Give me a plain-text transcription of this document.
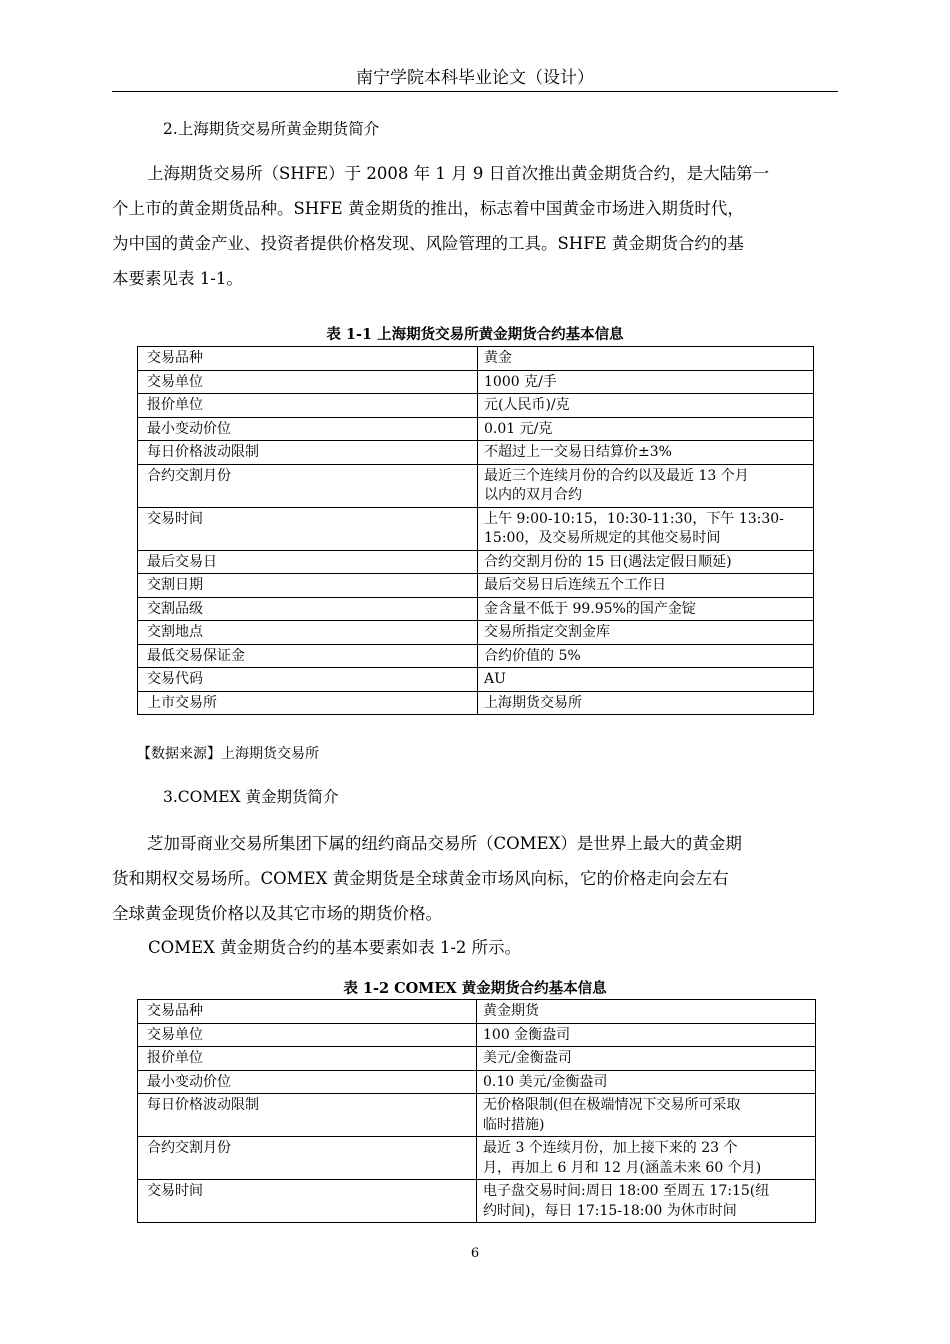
南宁学院本科毕业论文（设计）
2.上海期货交易所黄金期货简介
上海期货交易所（SHFE）于 2008 年 1 月 9 日首次推出黄金期货合约，是大陆第一
个上市的黄金期货品种。SHFE 黄金期货的推出，标志着中国黄金市场进入期货时代，
为中国的黄金产业、投资者提供价格发现、风险管理的工具。SHFE 黄金期货合约的基
本要素见表 1-1。
表 1-1 上海期货交易所黄金期货合约基本信息
交易品种	黄金
交易单位	1000 克/手
报价单位	元(人民币)/克
最小变动价位	0.01 元/克
每日价格波动限制	不超过上一交易日结算价±3%
合约交割月份	最近三个连续月份的合约以及最近 13 个月
以内的双月合约
交易时间	上午 9:00-10:15，10:30-11:30，下午 13:30-
15:00，及交易所规定的其他交易时间
最后交易日	合约交割月份的 15 日(遇法定假日顺延)
交割日期	最后交易日后连续五个工作日
交割品级	金含量不低于 99.95%的国产金锭
交割地点	交易所指定交割金库
最低交易保证金	合约价值的 5%
交易代码	AU
上市交易所	上海期货交易所
【数据来源】上海期货交易所
3.COMEX 黄金期货简介
芝加哥商业交易所集团下属的纽约商品交易所（COMEX）是世界上最大的黄金期
货和期权交易场所。COMEX 黄金期货是全球黄金市场风向标，它的价格走向会左右
全球黄金现货价格以及其它市场的期货价格。
COMEX 黄金期货合约的基本要素如表 1-2 所示。
表 1-2 COMEX 黄金期货合约基本信息
交易品种	黄金期货
交易单位	100 金衡盎司
报价单位	美元/金衡盎司
最小变动价位	0.10 美元/金衡盎司
每日价格波动限制	无价格限制(但在极端情况下交易所可采取
临时措施)
合约交割月份	最近 3 个连续月份，加上接下来的 23 个
月，再加上 6 月和 12 月(涵盖未来 60 个月)
交易时间	电子盘交易时间:周日 18:00 至周五 17:15(纽
约时间)，每日 17:15-18:00 为休市时间
6
